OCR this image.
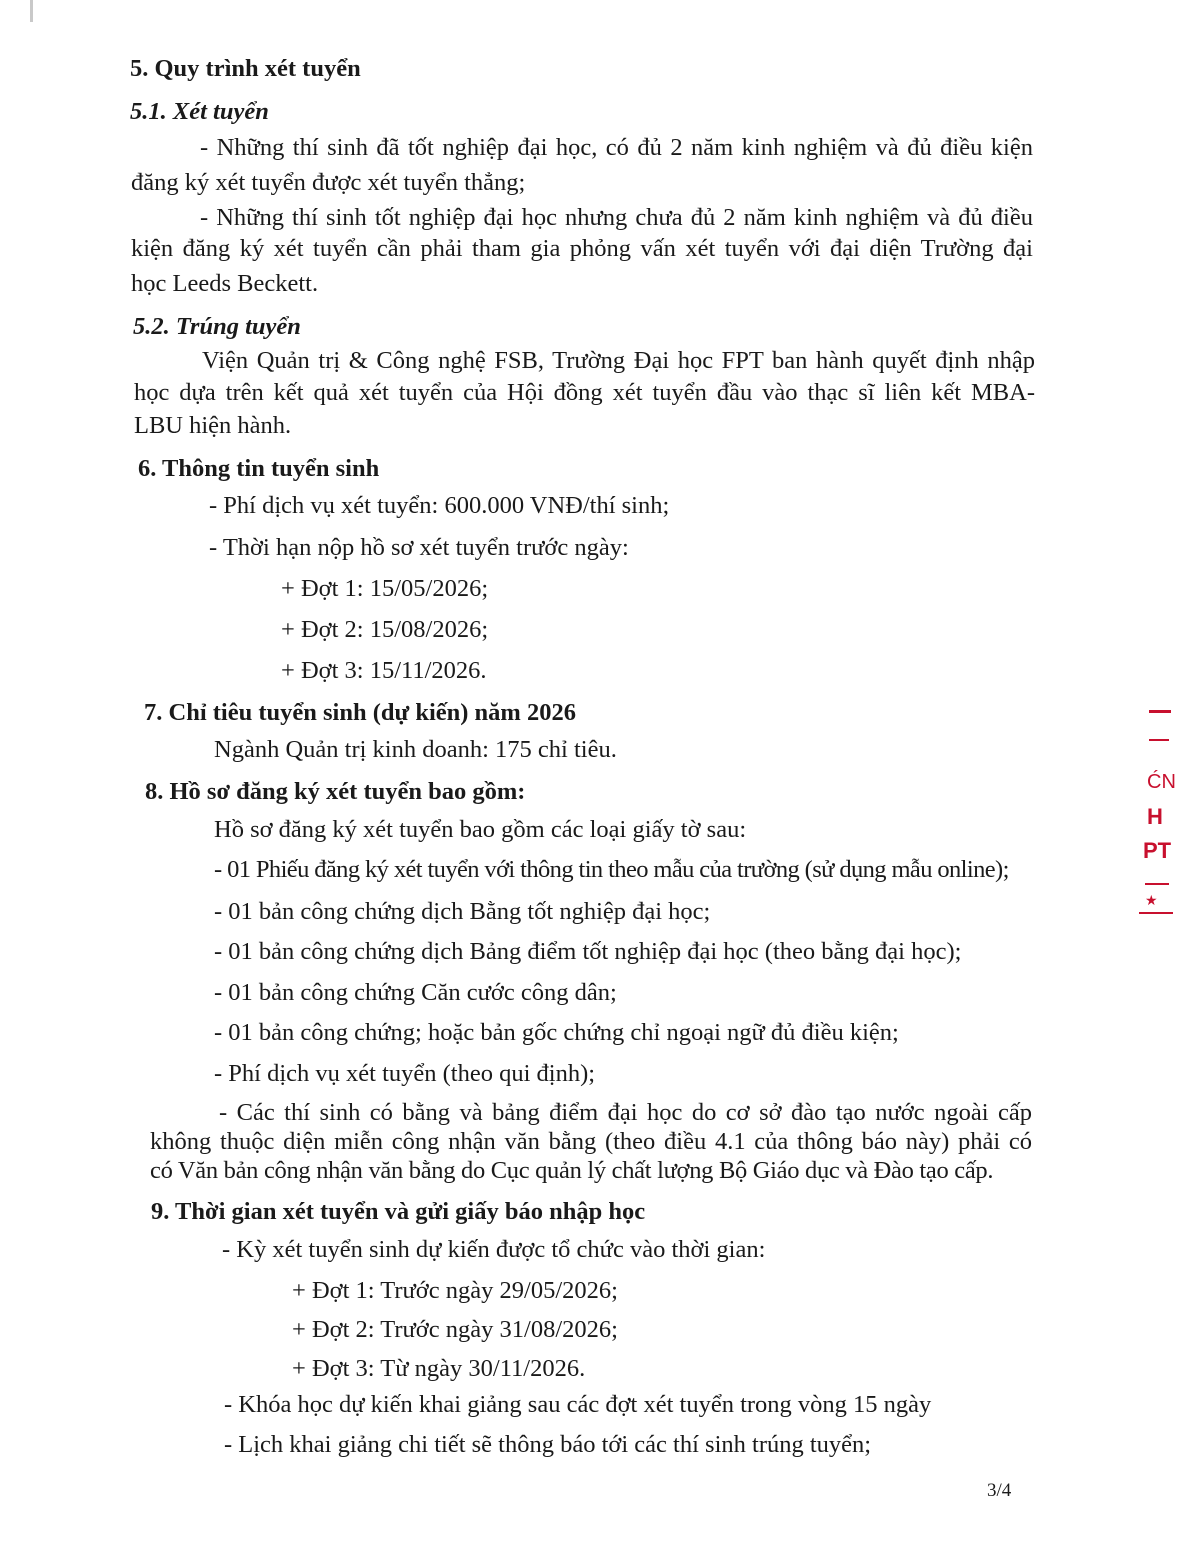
5. Quy trình xét tuyển
5.1. Xét tuyển
- Những thí sinh đã tốt nghiệp đại học, có đủ 2 năm kinh nghiệm và đủ điều kiện
đăng ký xét tuyển được xét tuyển thẳng;
- Những thí sinh tốt nghiệp đại học nhưng chưa đủ 2 năm kinh nghiệm và đủ điều
kiện đăng ký xét tuyển cần phải tham gia phỏng vấn xét tuyển với đại diện Trường đại
học Leeds Beckett.
5.2. Trúng tuyển
Viện Quản trị & Công nghệ FSB, Trường Đại học FPT ban hành quyết định nhập
học dựa trên kết quả xét tuyển của Hội đồng xét tuyển đầu vào thạc sĩ liên kết MBA-
LBU hiện hành.
6. Thông tin tuyển sinh
- Phí dịch vụ xét tuyển: 600.000 VNĐ/thí sinh;
- Thời hạn nộp hồ sơ xét tuyển trước ngày:
+ Đợt 1: 15/05/2026;
+ Đợt 2: 15/08/2026;
+ Đợt 3: 15/11/2026.
7. Chỉ tiêu tuyển sinh (dự kiến) năm 2026
Ngành Quản trị kinh doanh: 175 chỉ tiêu.
8. Hồ sơ đăng ký xét tuyển bao gồm:
Hồ sơ đăng ký xét tuyển bao gồm các loại giấy tờ sau:
- 01 Phiếu đăng ký xét tuyển với thông tin theo mẫu của trường (sử dụng mẫu online);
- 01 bản công chứng dịch Bằng tốt nghiệp đại học;
- 01 bản công chứng dịch Bảng điểm tốt nghiệp đại học (theo bằng đại học);
- 01 bản công chứng Căn cước công dân;
- 01 bản công chứng; hoặc bản gốc chứng chỉ ngoại ngữ đủ điều kiện;
- Phí dịch vụ xét tuyển (theo qui định);
- Các thí sinh có bằng và bảng điểm đại học do cơ sở đào tạo nước ngoài cấp
không thuộc diện miễn công nhận văn bằng (theo điều 4.1 của thông báo này) phải có
có Văn bản công nhận văn bằng do Cục quản lý chất lượng Bộ Giáo dục và Đào tạo cấp.
9. Thời gian xét tuyển và gửi giấy báo nhập học
- Kỳ xét tuyển sinh dự kiến được tổ chức vào thời gian:
+ Đợt 1: Trước ngày 29/05/2026;
+ Đợt 2: Trước ngày 31/08/2026;
+ Đợt 3: Từ ngày 30/11/2026.
- Khóa học dự kiến khai giảng sau các đợt xét tuyển trong vòng 15 ngày
- Lịch khai giảng chi tiết sẽ thông báo tới các thí sinh trúng tuyển;
3/4
ĆN
H
PT
★
